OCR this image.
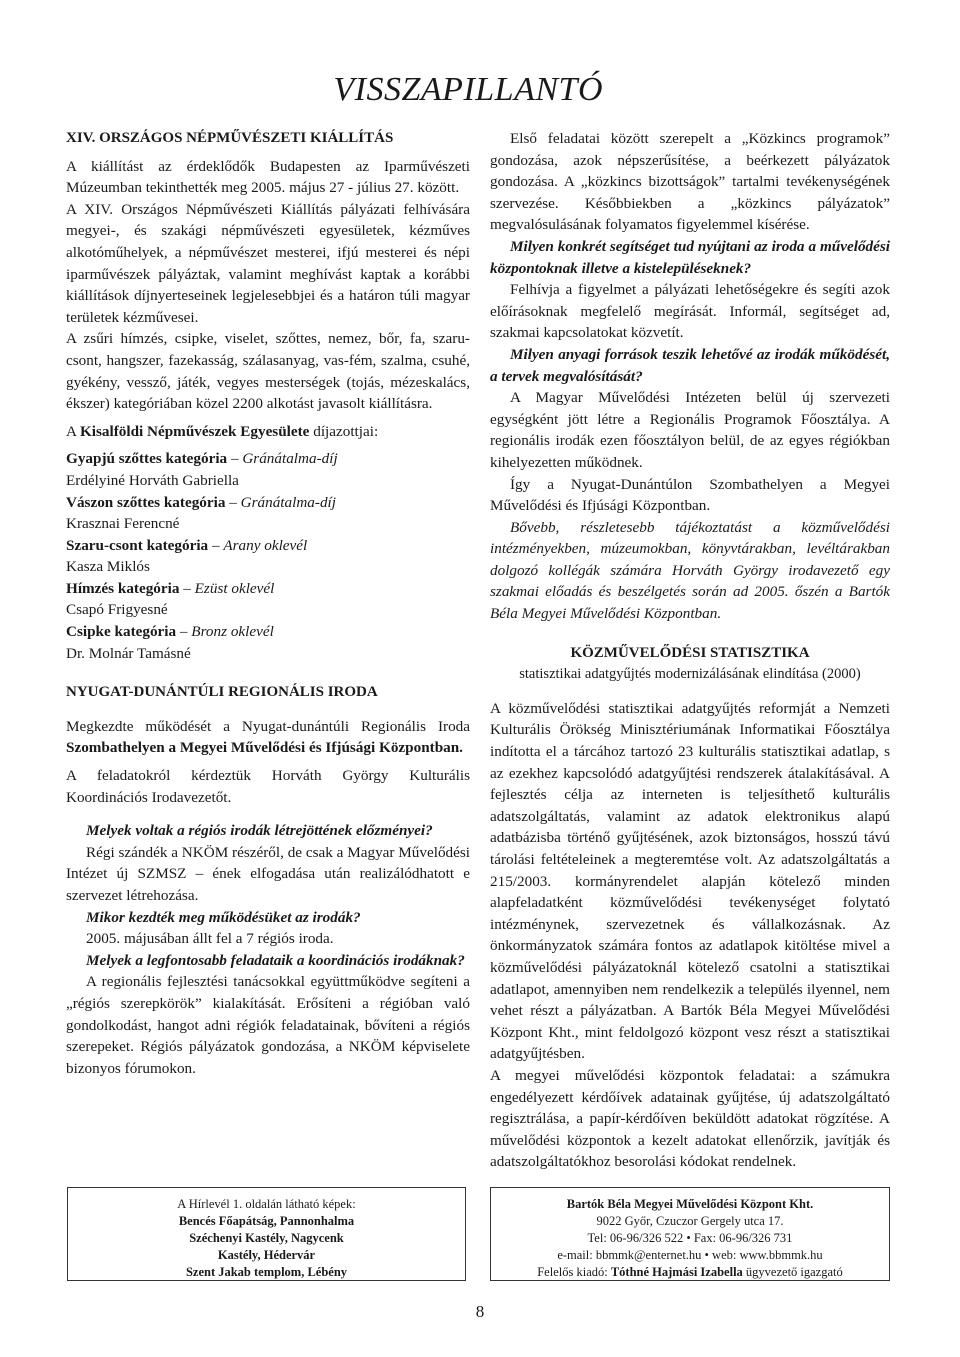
VISSZAPILLANTÓ

XIV. ORSZÁGOS NÉPMŰVÉSZETI KIÁLLÍTÁS

A kiállítást az érdeklődők Budapesten az Iparművészeti Múzeumban tekinthették meg 2005. május 27 - július 27. között.

A XIV. Országos Népművészeti Kiállítás pályázati felhívására megyei-, és szakági népművészeti egyesületek, kézműves alkotóműhelyek, a népművészet mesterei, ifjú mesterei és népi iparművészek pályáztak, valamint meghívást kaptak a korábbi kiállítások díjnyerteseinek legjelesebbjei és a határon túli magyar területek kézművesei.

A zsűri hímzés, csipke, viselet, szőttes, nemez, bőr, fa, szaru-csont, hangszer, fazekasság, szálasanyag, vas-fém, szalma, csuhé, gyékény, vessző, játék, vegyes mesterségek (tojás, mézeskalács, ékszer) kategóriában közel 2200 alkotást javasolt kiállításra.

A Kisalföldi Népművészek Egyesülete díjazottjai:

Gyapjú szőttes kategória – Gránátalma-díj

Erdélyiné Horváth Gabriella

Vászon szőttes kategória – Gránátalma-díj

Krasznai Ferencné

Szaru-csont kategória – Arany oklevél

Kasza Miklós

Hímzés kategória – Ezüst oklevél

Csapó Frigyesné

Csipke kategória – Bronz oklevél

Dr. Molnár Tamásné

NYUGAT-DUNÁNTÚLI REGIONÁLIS IRODA

Megkezdte működését a Nyugat-dunántúli Regionális Iroda Szombathelyen a Megyei Művelődési és Ifjúsági Központban.

A feladatokról kérdeztük Horváth György Kulturális Koordinációs Irodavezetőt.

Melyek voltak a régiós irodák létrejöttének előzményei?

Régi szándék a NKÖM részéről, de csak a Magyar Művelődési Intézet új SZMSZ – ének elfogadása után realizálódhatott e szervezet létrehozása.

Mikor kezdték meg működésüket az irodák?

2005. májusában állt fel a 7 régiós iroda.

Melyek a legfontosabb feladataik a koordinációs irodáknak?

A regionális fejlesztési tanácsokkal együttműködve segíteni a „régiós szerepkörök” kialakítását. Erősíteni a régióban való gondolkodást, hangot adni régiók feladatainak, bővíteni a régiós szerepeket. Régiós pályázatok gondozása, a NKÖM képviselete bizonyos fórumokon.

Első feladatai között szerepelt a „Közkincs programok” gondozása, azok népszerűsítése, a beérkezett pályázatok gondozása. A „közkincs bizottságok” tartalmi tevékenységének szervezése. Későbbiekben a „közkincs pályázatok” megvalósulásának folyamatos figyelemmel kísérése.

Milyen konkrét segítséget tud nyújtani az iroda a művelődési központoknak illetve a kistelepüléseknek?

Felhívja a figyelmet a pályázati lehetőségekre és segíti azok előírásoknak megfelelő megírását. Informál, segítséget ad, szakmai kapcsolatokat közvetít.

Milyen anyagi források teszik lehetővé az irodák működését, a tervek megvalósítását?

A Magyar Művelődési Intézeten belül új szervezeti egységként jött létre a Regionális Programok Főosztálya. A regionális irodák ezen főosztályon belül, de az egyes régiókban kihelyezetten működnek.

Így a Nyugat-Dunántúlon Szombathelyen a Megyei Művelődési és Ifjúsági Központban.

Bővebb, részletesebb tájékoztatást a közművelődési intézményekben, múzeumokban, könyvtárakban, levéltárakban dolgozó kollégák számára Horváth György irodavezető egy szakmai előadás és beszélgetés során ad 2005. őszén a Bartók Béla Megyei Művelődési Központban.

KÖZMŰVELŐDÉSI STATISZTIKA

statisztikai adatgyűjtés modernizálásának elindítása (2000)

A közművelődési statisztikai adatgyűjtés reformját a Nemzeti Kulturális Örökség Minisztériumának Informatikai Főosztálya indította el a tárcához tartozó 23 kulturális statisztikai adatlap, s az ezekhez kapcsolódó adatgyűjtési rendszerek átalakításával. A fejlesztés célja az interneten is teljesíthető kulturális adatszolgáltatás, valamint az adatok elektronikus alapú adatbázisba történő gyűjtésének, azok biztonságos, hosszú távú tárolási feltételeinek a megteremtése volt. Az adatszolgáltatás a 215/2003. kormányrendelet alapján kötelező minden alapfeladatként közművelődési tevékenységet folytató intézménynek, szervezetnek és vállalkozásnak. Az önkormányzatok számára fontos az adatlapok kitöltése mivel a közművelődési pályázatoknál kötelező csatolni a statisztikai adatlapot, amennyiben nem rendelkezik a település ilyennel, nem vehet részt a pályázatban. A Bartók Béla Megyei Művelődési Központ Kht., mint feldolgozó központ vesz részt a statisztikai adatgyűjtésben.

A megyei művelődési központok feladatai: a számukra engedélyezett kérdőívek adatainak gyűjtése, új adatszolgáltató regisztrálása, a papír-kérdőíven beküldött adatokat rögzítése. A művelődési központok a kezelt adatokat ellenőrzik, javítják és adatszolgáltatókhoz besorolási kódokat rendelnek.

A Hírlevél 1. oldalán látható képek:

Bencés Főapátság, Pannonhalma

Széchenyi Kastély, Nagycenk

Kastély, Hédervár

Szent Jakab templom, Lébény

Bartók Béla Megyei Művelődési Központ Kht.

9022 Győr, Czuczor Gergely utca 17.

Tel: 06-96/326 522 • Fax: 06-96/326 731

e-mail: bbmmk@enternet.hu • web: www.bbmmk.hu

Felelős kiadó: Tóthné Hajmási Izabella ügyvezető igazgató

8
